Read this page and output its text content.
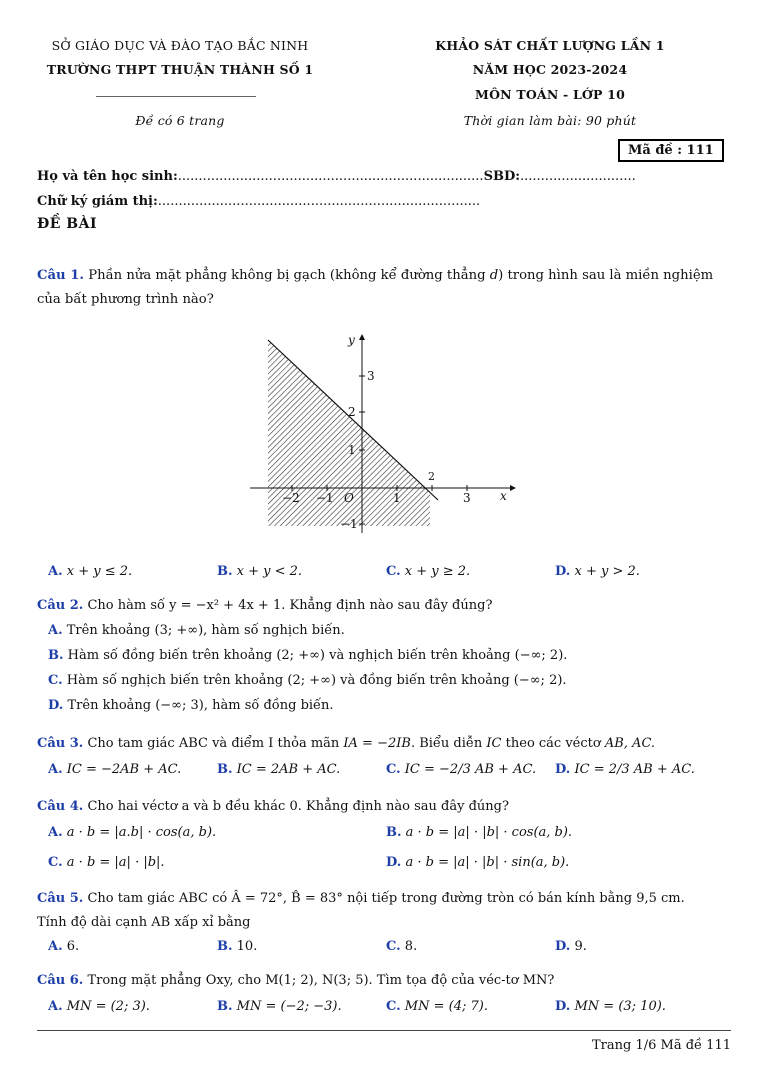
SỞ GIÁO DỤC VÀ ĐÀO TẠO BẮC NINH
TRƯỜNG THPT THUẬN THÀNH SỐ 1
Đề có 6 trang
KHẢO SÁT CHẤT LƯỢNG LẦN 1
NĂM HỌC 2023-2024
MÔN TOÁN - LỚP 10
Thời gian làm bài: 90 phút
Mã đề : 111
Họ và tên học sinh:..........................................................................SBD:............................
Chữ ký giám thị:..............................................................................
ĐỀ BÀI
Câu 1. Phần nửa mặt phẳng không bị gạch (không kể đường thẳng d) trong hình sau là miền nghiệm
của bất phương trình nào?
x
y
O
−2 −1	1
2
3
3
2
1
−1
A. x + y ≤ 2.	B. x + y < 2.	C. x + y ≥ 2.	D. x + y > 2.
Câu 2. Cho hàm số y = −x² + 4x + 1. Khẳng định nào sau đây đúng?
A. Trên khoảng (3; +∞), hàm số nghịch biến.
B. Hàm số đồng biến trên khoảng (2; +∞) và nghịch biến trên khoảng (−∞; 2).
C. Hàm số nghịch biến trên khoảng (2; +∞) và đồng biến trên khoảng (−∞; 2).
D. Trên khoảng (−∞; 3), hàm số đồng biến.
Câu 3. Cho tam giác ABC và điểm I thỏa mãn IA = −2IB. Biểu diễn IC theo các véctơ AB, AC.
A. IC = −2AB + AC.	B. IC = 2AB + AC.	C. IC = −2/3 AB + AC. D. IC = 2/3 AB + AC.
Câu 4. Cho hai véctơ a và b đều khác 0. Khẳng định nào sau đây đúng?
A. a · b = |a.b| · cos(a, b).	B. a · b = |a| · |b| · cos(a, b).
C. a · b = |a| · |b|.	D. a · b = |a| · |b| · sin(a, b).
Câu 5. Cho tam giác ABC có Â = 72°, B̂ = 83° nội tiếp trong đường tròn có bán kính bằng 9,5 cm.
Tính độ dài cạnh AB xấp xỉ bằng
A. 6.	B. 10.	C. 8.	D. 9.
Câu 6. Trong mặt phẳng Oxy, cho M(1; 2), N(3; 5). Tìm tọa độ của véc-tơ MN?
A. MN = (2; 3).	B. MN = (−2; −3).	C. MN = (4; 7).	D. MN = (3; 10).
Trang 1/6 Mã đề 111
